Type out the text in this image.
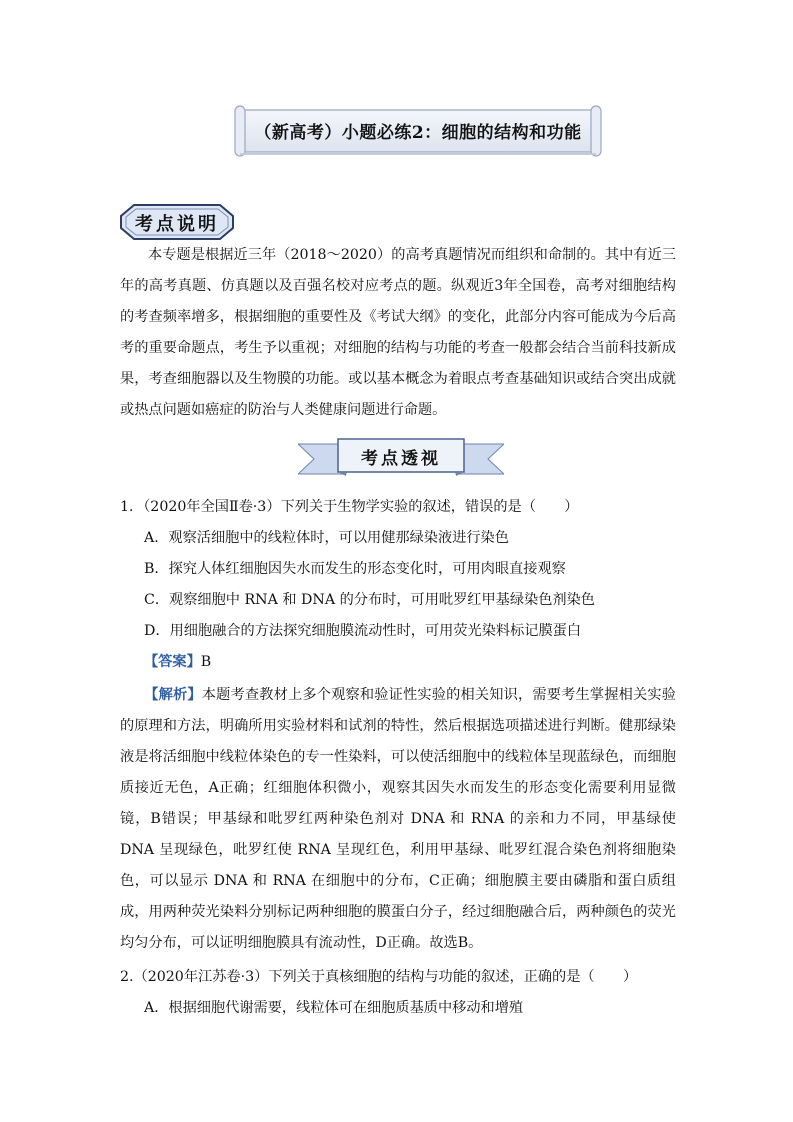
（新高考）小题必练2：细胞的结构和功能
考点说明

本专题是根据近三年（2018～2020）的高考真题情况而组织和命制的。其中有近三年的高考真题、仿真题以及百强名校对应考点的题。纵观近3年全国卷，高考对细胞结构的考查频率增多，根据细胞的重要性及《考试大纲》的变化，此部分内容可能成为今后高考的重要命题点，考生予以重视；对细胞的结构与功能的考查一般都会结合当前科技新成果，考查细胞器以及生物膜的功能。或以基本概念为着眼点考查基础知识或结合突出成就或热点问题如癌症的防治与人类健康问题进行命题。

考点透视
1．（2020年全国Ⅱ卷·3）下列关于生物学实验的叙述，错误的是（　　）
A．观察活细胞中的线粒体时，可以用健那绿染液进行染色
B．探究人体红细胞因失水而发生的形态变化时，可用肉眼直接观察
C．观察细胞中 RNA 和 DNA 的分布时，可用吡罗红甲基绿染色剂染色
D．用细胞融合的方法探究细胞膜流动性时，可用荧光染料标记膜蛋白
【答案】B

【解析】本题考查教材上多个观察和验证性实验的相关知识，需要考生掌握相关实验的原理和方法，明确所用实验材料和试剂的特性，然后根据选项描述进行判断。健那绿染液是将活细胞中线粒体染色的专一性染料，可以使活细胞中的线粒体呈现蓝绿色，而细胞质接近无色，A正确；红细胞体积微小，观察其因失水而发生的形态变化需要利用显微镜，B错误；甲基绿和吡罗红两种染色剂对 DNA 和 RNA 的亲和力不同，甲基绿使 DNA 呈现绿色，吡罗红使 RNA 呈现红色，利用甲基绿、吡罗红混合染色剂将细胞染色，可以显示 DNA 和 RNA 在细胞中的分布，C正确；细胞膜主要由磷脂和蛋白质组成，用两种荧光染料分别标记两种细胞的膜蛋白分子，经过细胞融合后，两种颜色的荧光均匀分布，可以证明细胞膜具有流动性，D正确。故选B。

2.（2020年江苏卷·3）下列关于真核细胞的结构与功能的叙述，正确的是（　　）
A．根据细胞代谢需要，线粒体可在细胞质基质中移动和增殖
